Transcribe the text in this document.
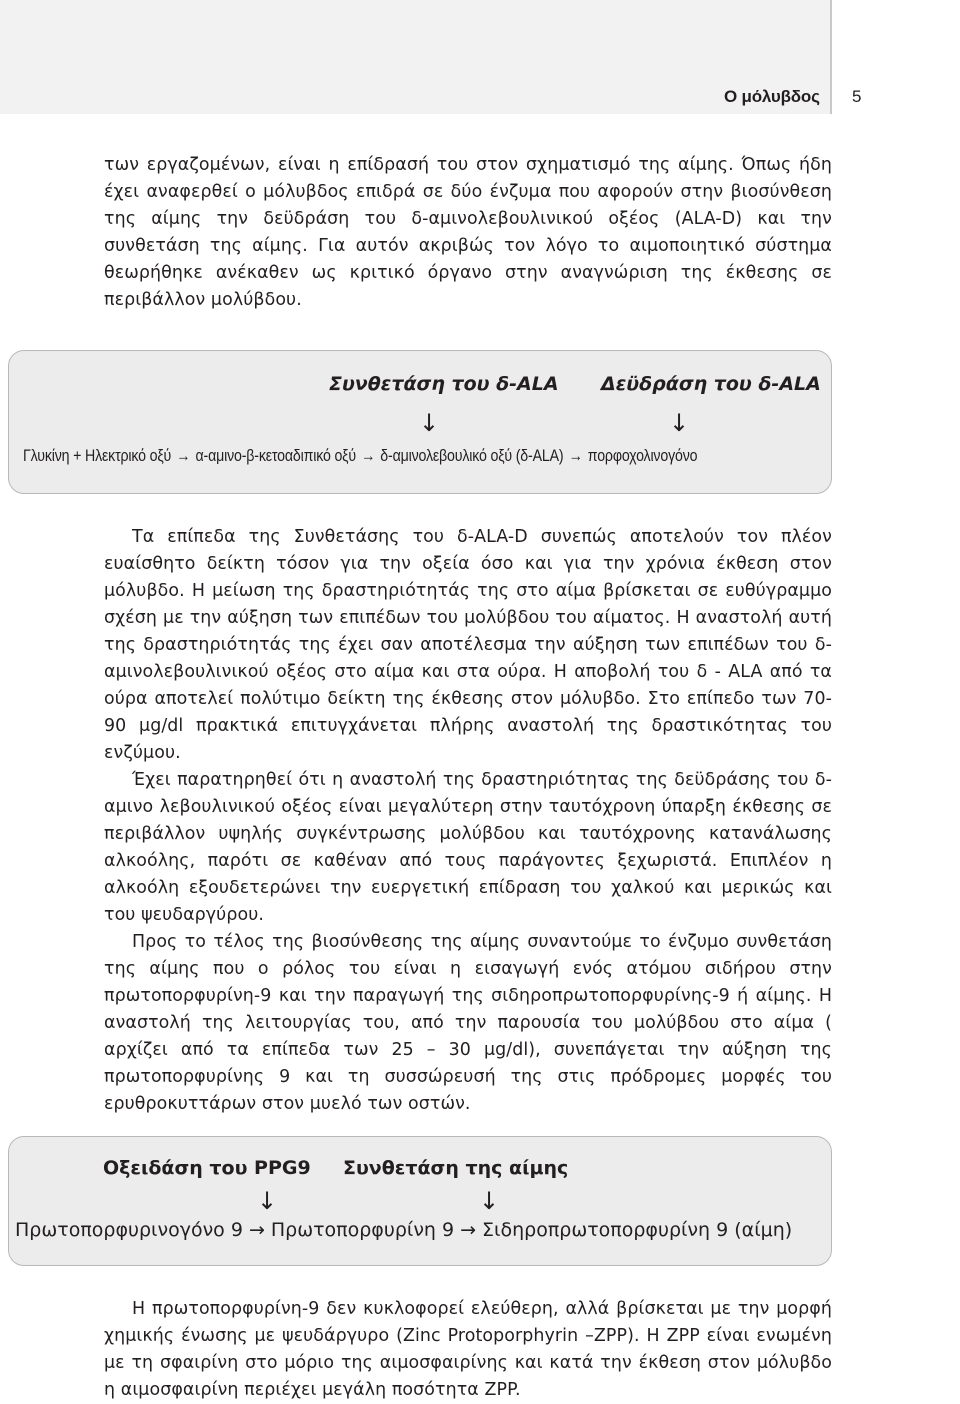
Ο μόλυβδος 5

των εργαζομένων, είναι η επίδρασή του στον σχηματισμό της αίμης. Όπως ήδη έχει αναφερθεί ο μόλυβδος επιδρά σε δύο ένζυμα που αφορούν στην βιοσύνθεση της αίμης την δεϋδράση του δ-αμινολεβουλινικού οξέος (ALA-D) και την συνθετάση της αίμης. Για αυτόν ακριβώς τον λόγο το αιμοποιητικό σύστημα θεωρήθηκε ανέκαθεν ως κριτικό όργανο στην αναγνώριση της έκθεσης σε περιβάλλον μολύβδου.

Συνθετάση του δ-ALA Δεϋδράση του δ-ALA
↓	↓
Γλυκίνη + Ηλεκτρικό οξύ → α-αμινο-β-κετοαδιπικό οξύ → δ-αμινολεβουλικό οξύ (δ-ALA) → πορφοχολινογόνο

Τα επίπεδα της Συνθετάσης του δ-ALA-D συνεπώς αποτελούν τον πλέον ευαίσθητο δείκτη τόσον για την οξεία όσο και για την χρόνια έκθεση στον μόλυβδο. Η μείωση της δραστηριότητάς της στο αίμα βρίσκεται σε ευθύγραμμο σχέση με την αύξηση των επιπέδων του μολύβδου του αίματος. Η αναστολή αυτή της δραστηριότητάς της έχει σαν αποτέλεσμα την αύξηση των επιπέδων του δ-αμινολεβουλινικού οξέος στο αίμα και στα ούρα. Η αποβολή του δ - ALA από τα ούρα αποτελεί πολύτιμο δείκτη της έκθεσης στον μόλυβδο. Στο επίπεδο των 70-90 μg/dl πρακτικά επιτυγχάνεται πλήρης αναστολή της δραστικότητας του ενζύμου.

Έχει παρατηρηθεί ότι η αναστολή της δραστηριότητας της δεϋδράσης του δ- αμινο λεβουλινικού οξέος είναι μεγαλύτερη στην ταυτόχρονη ύπαρξη έκθεσης σε περιβάλλον υψηλής συγκέντρωσης μολύβδου και ταυτόχρονης κατανάλωσης αλκοόλης, παρότι σε καθέναν από τους παράγοντες ξεχωριστά. Επιπλέον η αλκοόλη εξουδετερώνει την ευεργετική επίδραση του χαλκού και μερικώς και του ψευδαργύρου.

Προς το τέλος της βιοσύνθεσης της αίμης συναντούμε το ένζυμο συνθετάση της αίμης που ο ρόλος του είναι η εισαγωγή ενός ατόμου σιδήρου στην πρωτοπορφυρίνη-9 και την παραγωγή της σιδηροπρωτοπορφυρίνης-9 ή αίμης. Η αναστολή της λειτουργίας του, από την παρουσία του μολύβδου στο αίμα ( αρχίζει από τα επίπεδα των 25 – 30 μg/dl), συνεπάγεται την αύξηση της πρωτοπορφυρίνης 9 και τη συσσώρευσή της στις πρόδρομες μορφές του ερυθροκυττάρων στον μυελό των οστών.

Οξειδάση του PPG9 Συνθετάση της αίμης
↓	↓
Πρωτοπορφυρινογόνο 9 → Πρωτοπορφυρίνη 9 → Σιδηροπρωτοπορφυρίνη 9 (αίμη)

Η πρωτοπορφυρίνη-9 δεν κυκλοφορεί ελεύθερη, αλλά βρίσκεται με την μορφή χημικής ένωσης με ψευδάργυρο (Zinc Protoporphyrin –ZPP). Η ZPP είναι ενωμένη με τη σφαιρίνη στο μόριο της αιμοσφαιρίνης και κατά την έκθεση στον μόλυβδο η αιμοσφαιρίνη περιέχει μεγάλη ποσότητα ZPP.
